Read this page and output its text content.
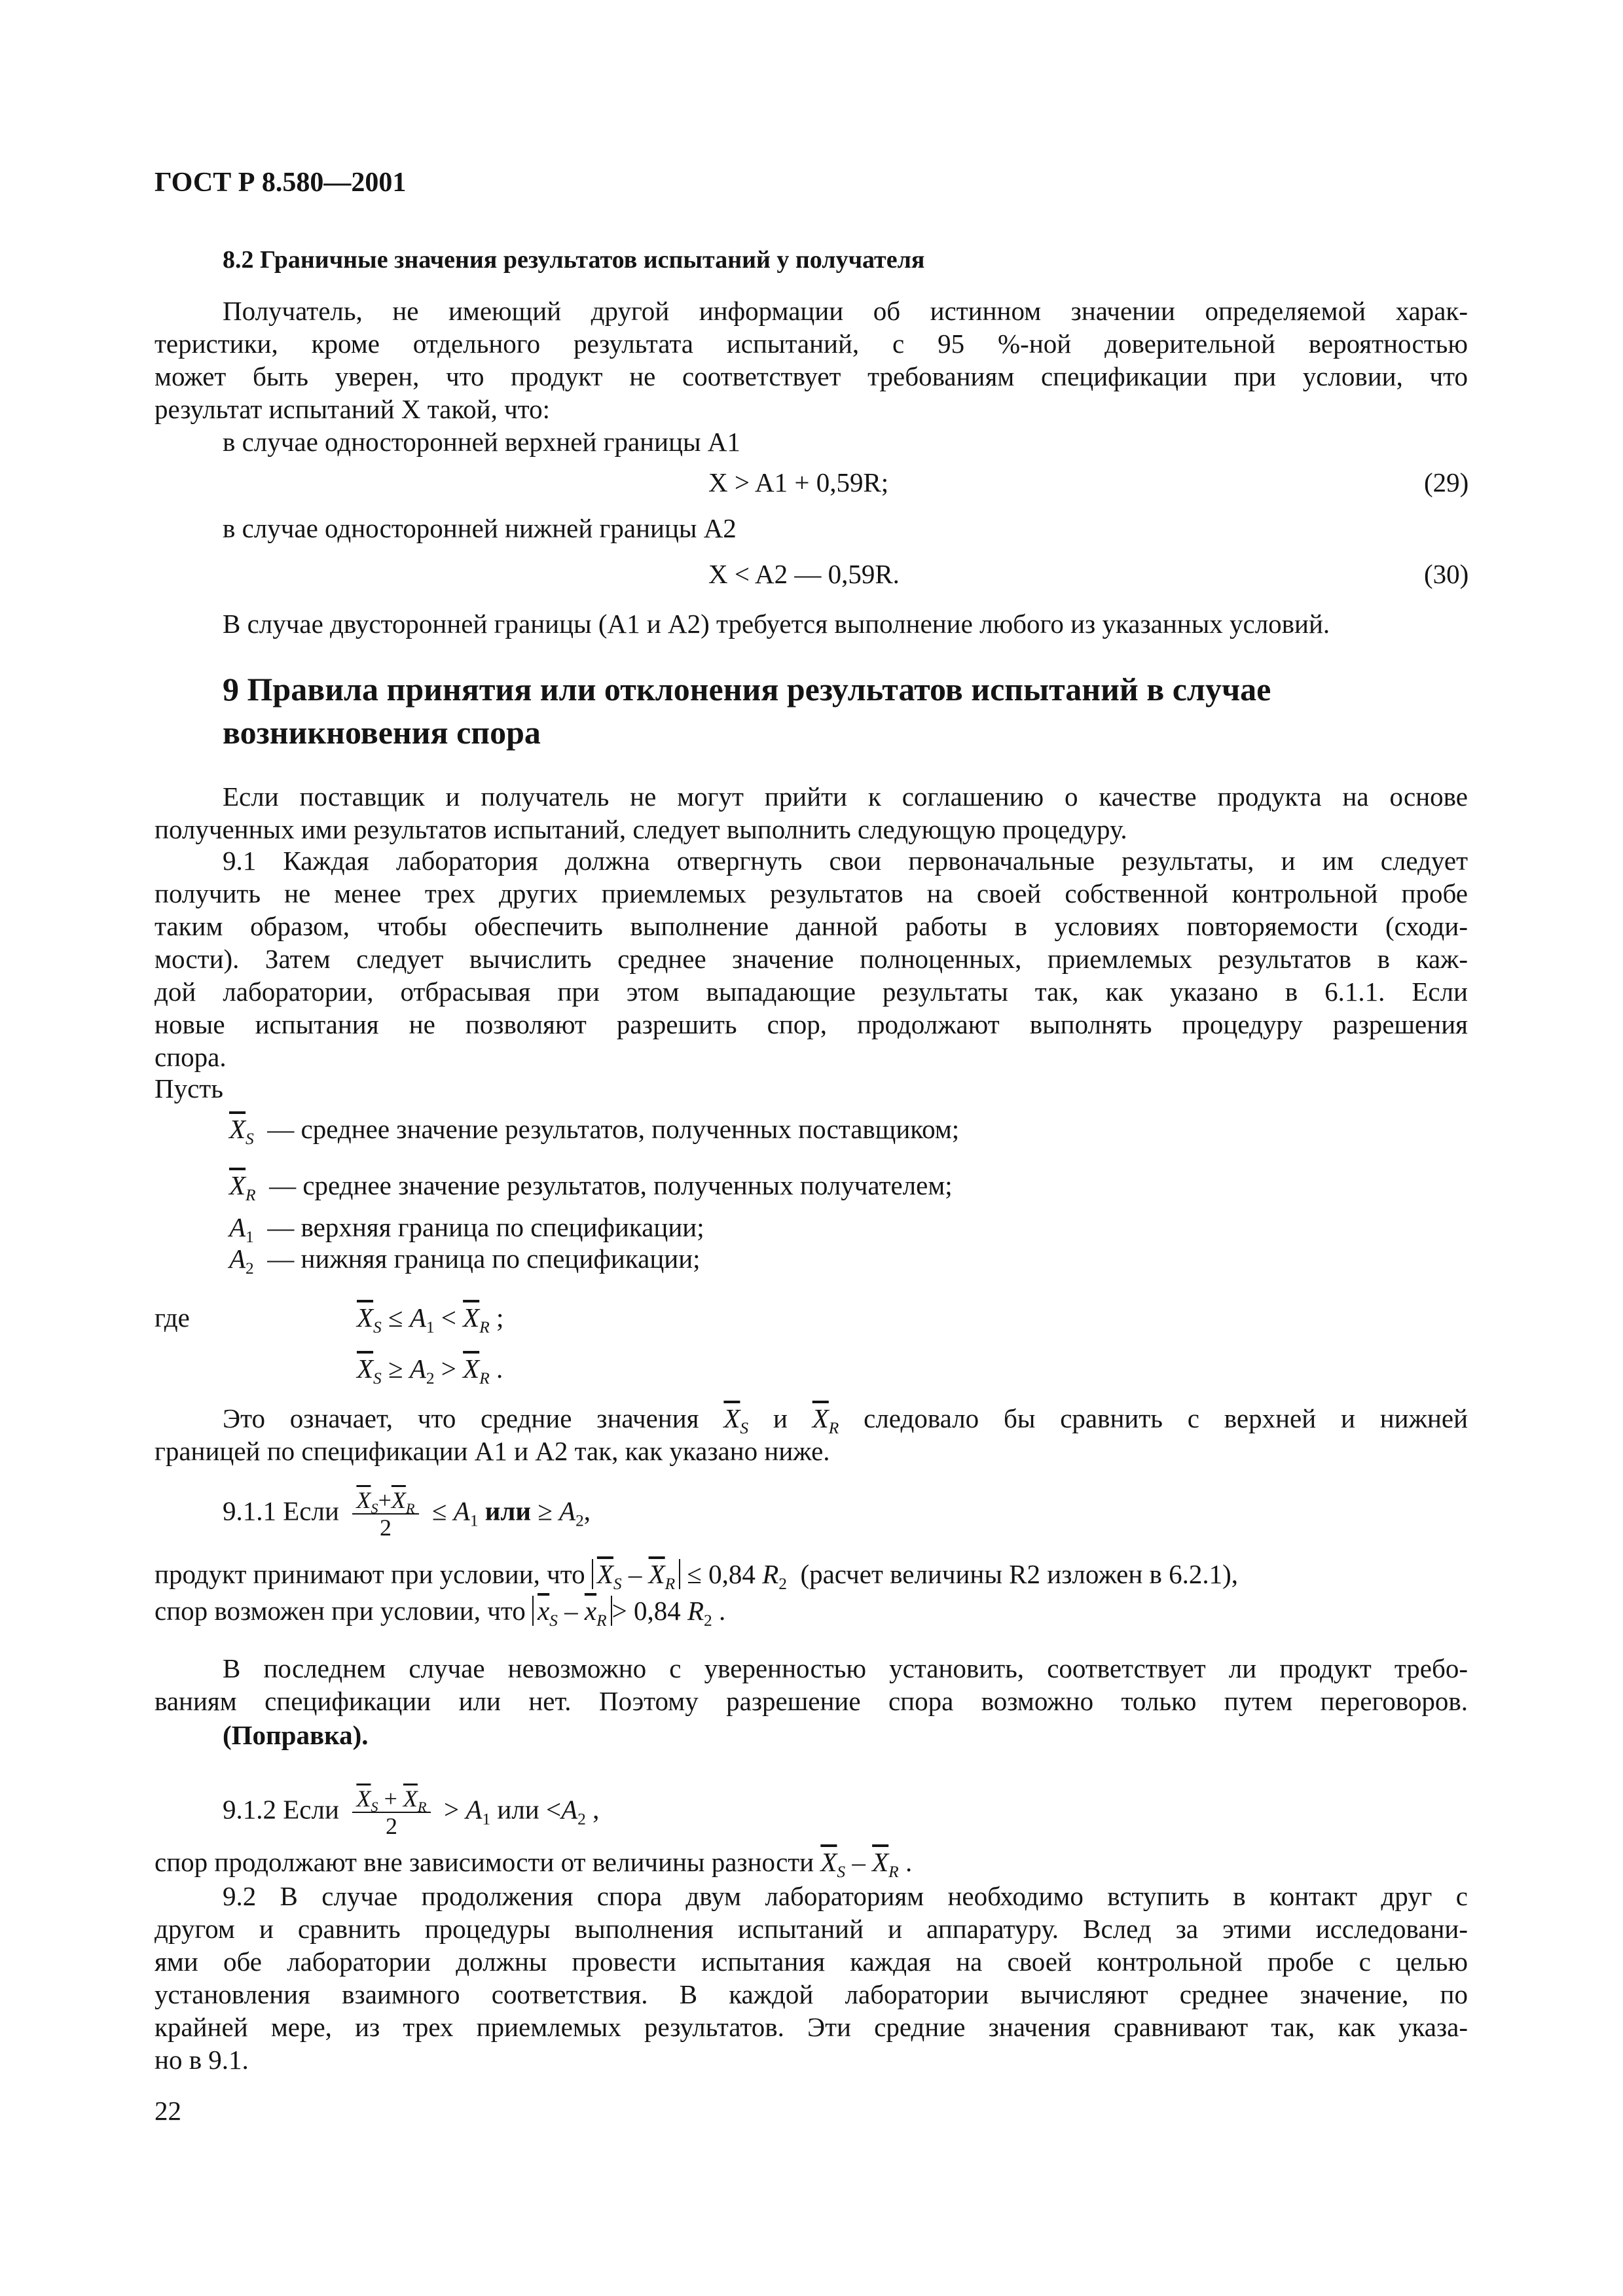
ГОСТ Р 8.580—2001
8.2 Граничные значения результатов испытаний у получателя
Получатель, не имеющий другой информации об истинном значении определяемой харак-
теристики, кроме отдельного результата испытаний, с 95 %-ной доверительной вероятностью
может быть уверен, что продукт не соответствует требованиям спецификации при условии, что
результат испытаний X такой, что:
в случае односторонней верхней границы A1
X > A1 + 0,59R;	(29)
в случае односторонней нижней границы A2
X < A2 — 0,59R.	(30)
В случае двусторонней границы (A1 и A2) требуется выполнение любого из указанных условий.
9 Правила принятия или отклонения результатов испытаний в случае
возникновения спора
Если поставщик и получатель не могут прийти к соглашению о качестве продукта на основе
полученных ими результатов испытаний, следует выполнить следующую процедуру.
9.1 Каждая лаборатория должна отвергнуть свои первоначальные результаты, и им следует
получить не менее трех других приемлемых результатов на своей собственной контрольной пробе
таким образом, чтобы обеспечить выполнение данной работы в условиях повторяемости (сходи-
мости). Затем следует вычислить среднее значение полноценных, приемлемых результатов в каж-
дой лаборатории, отбрасывая при этом выпадающие результаты так, как указано в 6.1.1. Если
новые испытания не позволяют разрешить спор, продолжают выполнять процедуру разрешения
спора.
Пусть
$\overline{X}_S$ — среднее значение результатов, полученных поставщиком;
$\overline{X}_R$ — среднее значение результатов, полученных получателем;
$A_1$ — верхняя граница по спецификации;
$A_2$ — нижняя граница по спецификации;
где	$\overline{X}_S \le A_1 < \overline{X}_R$ ;
$\overline{X}_S \ge A_2 > \overline{X}_R$ .
Это означает, что средние значения $\overline{X}_S$ и $\overline{X}_R$ следовало бы сравнить с верхней и нижней
границей по спецификации A1 и A2 так, как указано ниже.
9.1.1 Если $\frac{\overline{X}_S+\overline{X}_R}{2} \le A_1$ или ≥ $A_2$,
продукт принимают при условии, что $\overline{X}_S - \overline{X}_R \le 0,84$ $R_2$ (расчет величины R2 изложен в 6.2.1),
спор возможен при условии, что $\overline{x}_S - \overline{x}_R > 0,84$ $R_2$ .
В последнем случае невозможно с уверенностью установить, соответствует ли продукт требо-
ваниям спецификации или нет. Поэтому разрешение спора возможно только путем переговоров.
(Поправка).
9.1.2 Если $\frac{\overline{X}_S + \overline{X}_R}{2} > A_1$ или $<A_2$ ,
спор продолжают вне зависимости от величины разности $\overline{X}_S - \overline{X}_R$ .
9.2 В случае продолжения спора двум лабораториям необходимо вступить в контакт друг с
другом и сравнить процедуры выполнения испытаний и аппаратуру. Вслед за этими исследовани-
ями обе лаборатории должны провести испытания каждая на своей контрольной пробе с целью
установления взаимного соответствия. В каждой лаборатории вычисляют среднее значение, по
крайней мере, из трех приемлемых результатов. Эти средние значения сравнивают так, как указа-
но в 9.1.
22
